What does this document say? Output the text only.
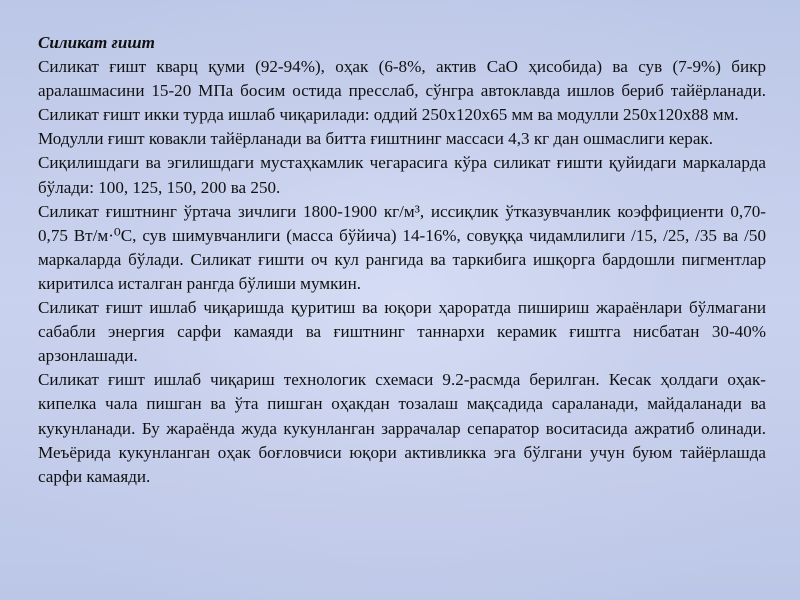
Силикат ғишт

Силикат ғишт кварц қуми (92-94%), оҳак (6-8%, актив СаО ҳисобида) ва сув (7-9%) бикр аралашмасини 15-20 МПа босим остида пресслаб, сўнгра автоклавда ишлов бериб тайёрланади. Силикат ғишт икки турда ишлаб чиқарилади: оддий 250х120х65 мм ва модулли 250х120х88 мм.

Модулли ғишт ковакли тайёрланади ва битта ғиштнинг массаси 4,3 кг дан ошмаслиги керак.

Сиқилишдаги ва эгилишдаги мустаҳкамлик чегарасига кўра силикат ғишти қуйидаги маркаларда бўлади: 100, 125, 150, 200 ва 250.

Силикат ғиштнинг ўртача зичлиги 1800-1900 кг/м³, иссиқлик ўтказувчанлик коэффициенти 0,70-0,75 Вт/м·⁰С, сув шимувчанлиги (масса бўйича) 14-16%, совуққа чидамлилиги /15, /25, /35 ва /50 маркаларда бўлади. Силикат ғишти оч кул рангида ва таркибига ишқорга бардошли пигментлар киритилса исталган рангда бўлиши мумкин.

Силикат ғишт ишлаб чиқаришда қуритиш ва юқори ҳароратда пишириш жараёнлари бўлмагани сабабли энергия сарфи камаяди ва ғиштнинг таннархи керамик ғиштга нисбатан 30-40% арзонлашади.

Силикат ғишт ишлаб чиқариш технологик схемаси 9.2-расмда берилган. Кесак ҳолдаги оҳак-кипелка чала пишган ва ўта пишган оҳакдан тозалаш мақсадида сараланади, майдаланади ва кукунланади. Бу жараёнда жуда кукунланган заррачалар сепаратор воситасида ажратиб олинади. Меъёрида кукунланган оҳак боғловчиси юқори активликка эга бўлгани учун буюм тайёрлашда сарфи камаяди.
